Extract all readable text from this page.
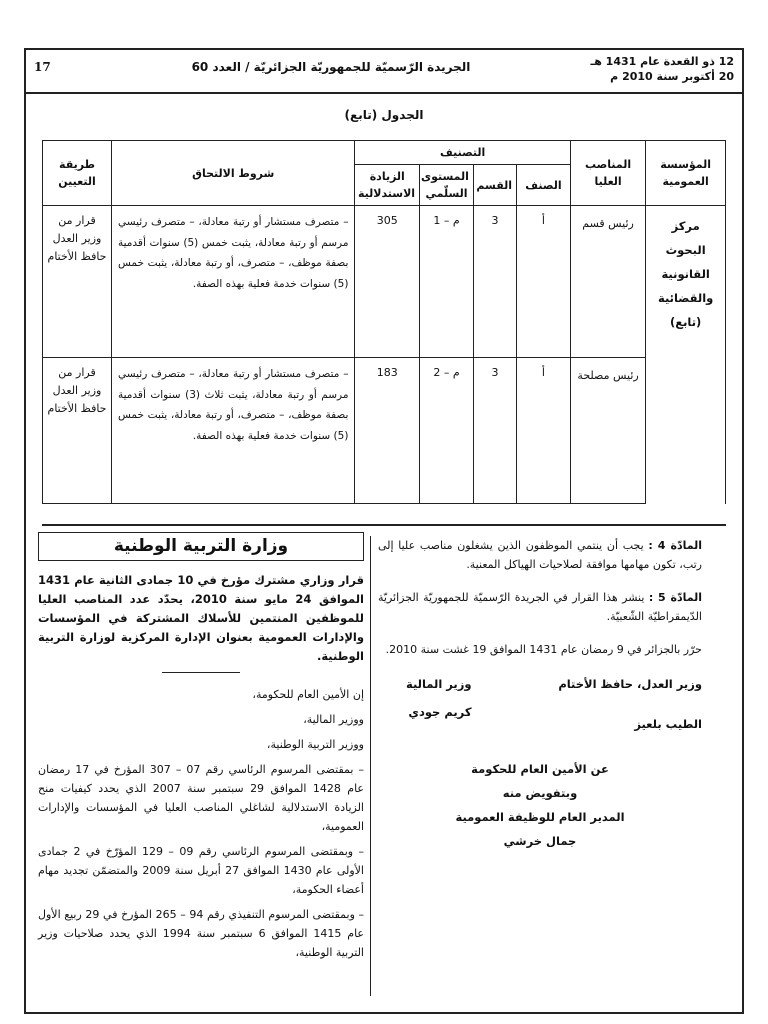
17	الجريدة الرّسميّة للجمهوريّة الجزائريّة / العدد 60	12 ذو القعدة عام 1431 هـ
20 أكتوبر سنة 2010 م
الجدول (تابع)
المؤسسة العمومية	المناصب العليا	التصنيف				شروط الالتحاق	طريقة التعيين
		الصنف	القسم	المستوى السلّمي	الزيادة الاستدلالية		
مركز البحوث القانونية والقضائية (تابع)	رئيس قسم	أ	3	م – 1	305	– متصرف مستشار أو رتبة معادلة، – متصرف رئيسي مرسم أو رتبة معادلة، يثبت خمس (5) سنوات أقدمية بصفة موظف، – متصرف، أو رتبة معادلة، يثبت خمس (5) سنوات خدمة فعلية بهذه الصفة.	قرار من وزير العدل حافظ الأختام
	رئيس مصلحة	أ	3	م – 2	183	– متصرف مستشار أو رتبة معادلة، – متصرف رئيسي مرسم أو رتبة معادلة، يثبت ثلاث (3) سنوات أقدمية بصفة موظف، – متصرف، أو رتبة معادلة، يثبت خمس (5) سنوات خدمة فعلية بهذه الصفة.	قرار من وزير العدل حافظ الأختام

المادّة 4 : يجب أن ينتمي الموظفون الذين يشغلون مناصب عليا إلى رتب، تكون مهامها موافقة لصلاحيات الهياكل المعنية.

المادّة 5 : ينشر هذا القرار في الجريدة الرّسميّة للجمهوريّة الجزائريّة الدّيمقراطيّة الشّعبيّة.

حرّر بالجزائر في 9 رمضان عام 1431 الموافق 19 غشت سنة 2010.

وزير العدل، حافظ الأختام
الطيب بلعيز
وزير المالية
كريم جودي
عن الأمين العام للحكومة
وبتفويض منه
المدير العام للوظيفة العمومية
جمال خرشي
وزارة التربية الوطنية

قرار وزاري مشترك مؤرخ في 10 جمادى الثانية عام 1431 الموافق 24 مايو سنة 2010، يحدّد عدد المناصب العليا للموظفين المنتمين للأسلاك المشتركة في المؤسسات والإدارات العمومية بعنوان الإدارة المركزية لوزارة التربية الوطنية.

إن الأمين العام للحكومة،

ووزير المالية،

ووزير التربية الوطنية،

– بمقتضى المرسوم الرئاسي رقم 07 – 307 المؤرخ في 17 رمضان عام 1428 الموافق 29 سبتمبر سنة 2007 الذي يحدد كيفيات منح الزيادة الاستدلالية لشاغلي المناصب العليا في المؤسسات والإدارات العمومية،

– وبمقتضى المرسوم الرئاسي رقم 09 – 129 المؤرّخ في 2 جمادى الأولى عام 1430 الموافق 27 أبريل سنة 2009 والمتضمّن تجديد مهام أعضاء الحكومة،

– وبمقتضى المرسوم التنفيذي رقم 94 – 265 المؤرخ في 29 ربيع الأول عام 1415 الموافق 6 سبتمبر سنة 1994 الذي يحدد صلاحيات وزير التربية الوطنية،
